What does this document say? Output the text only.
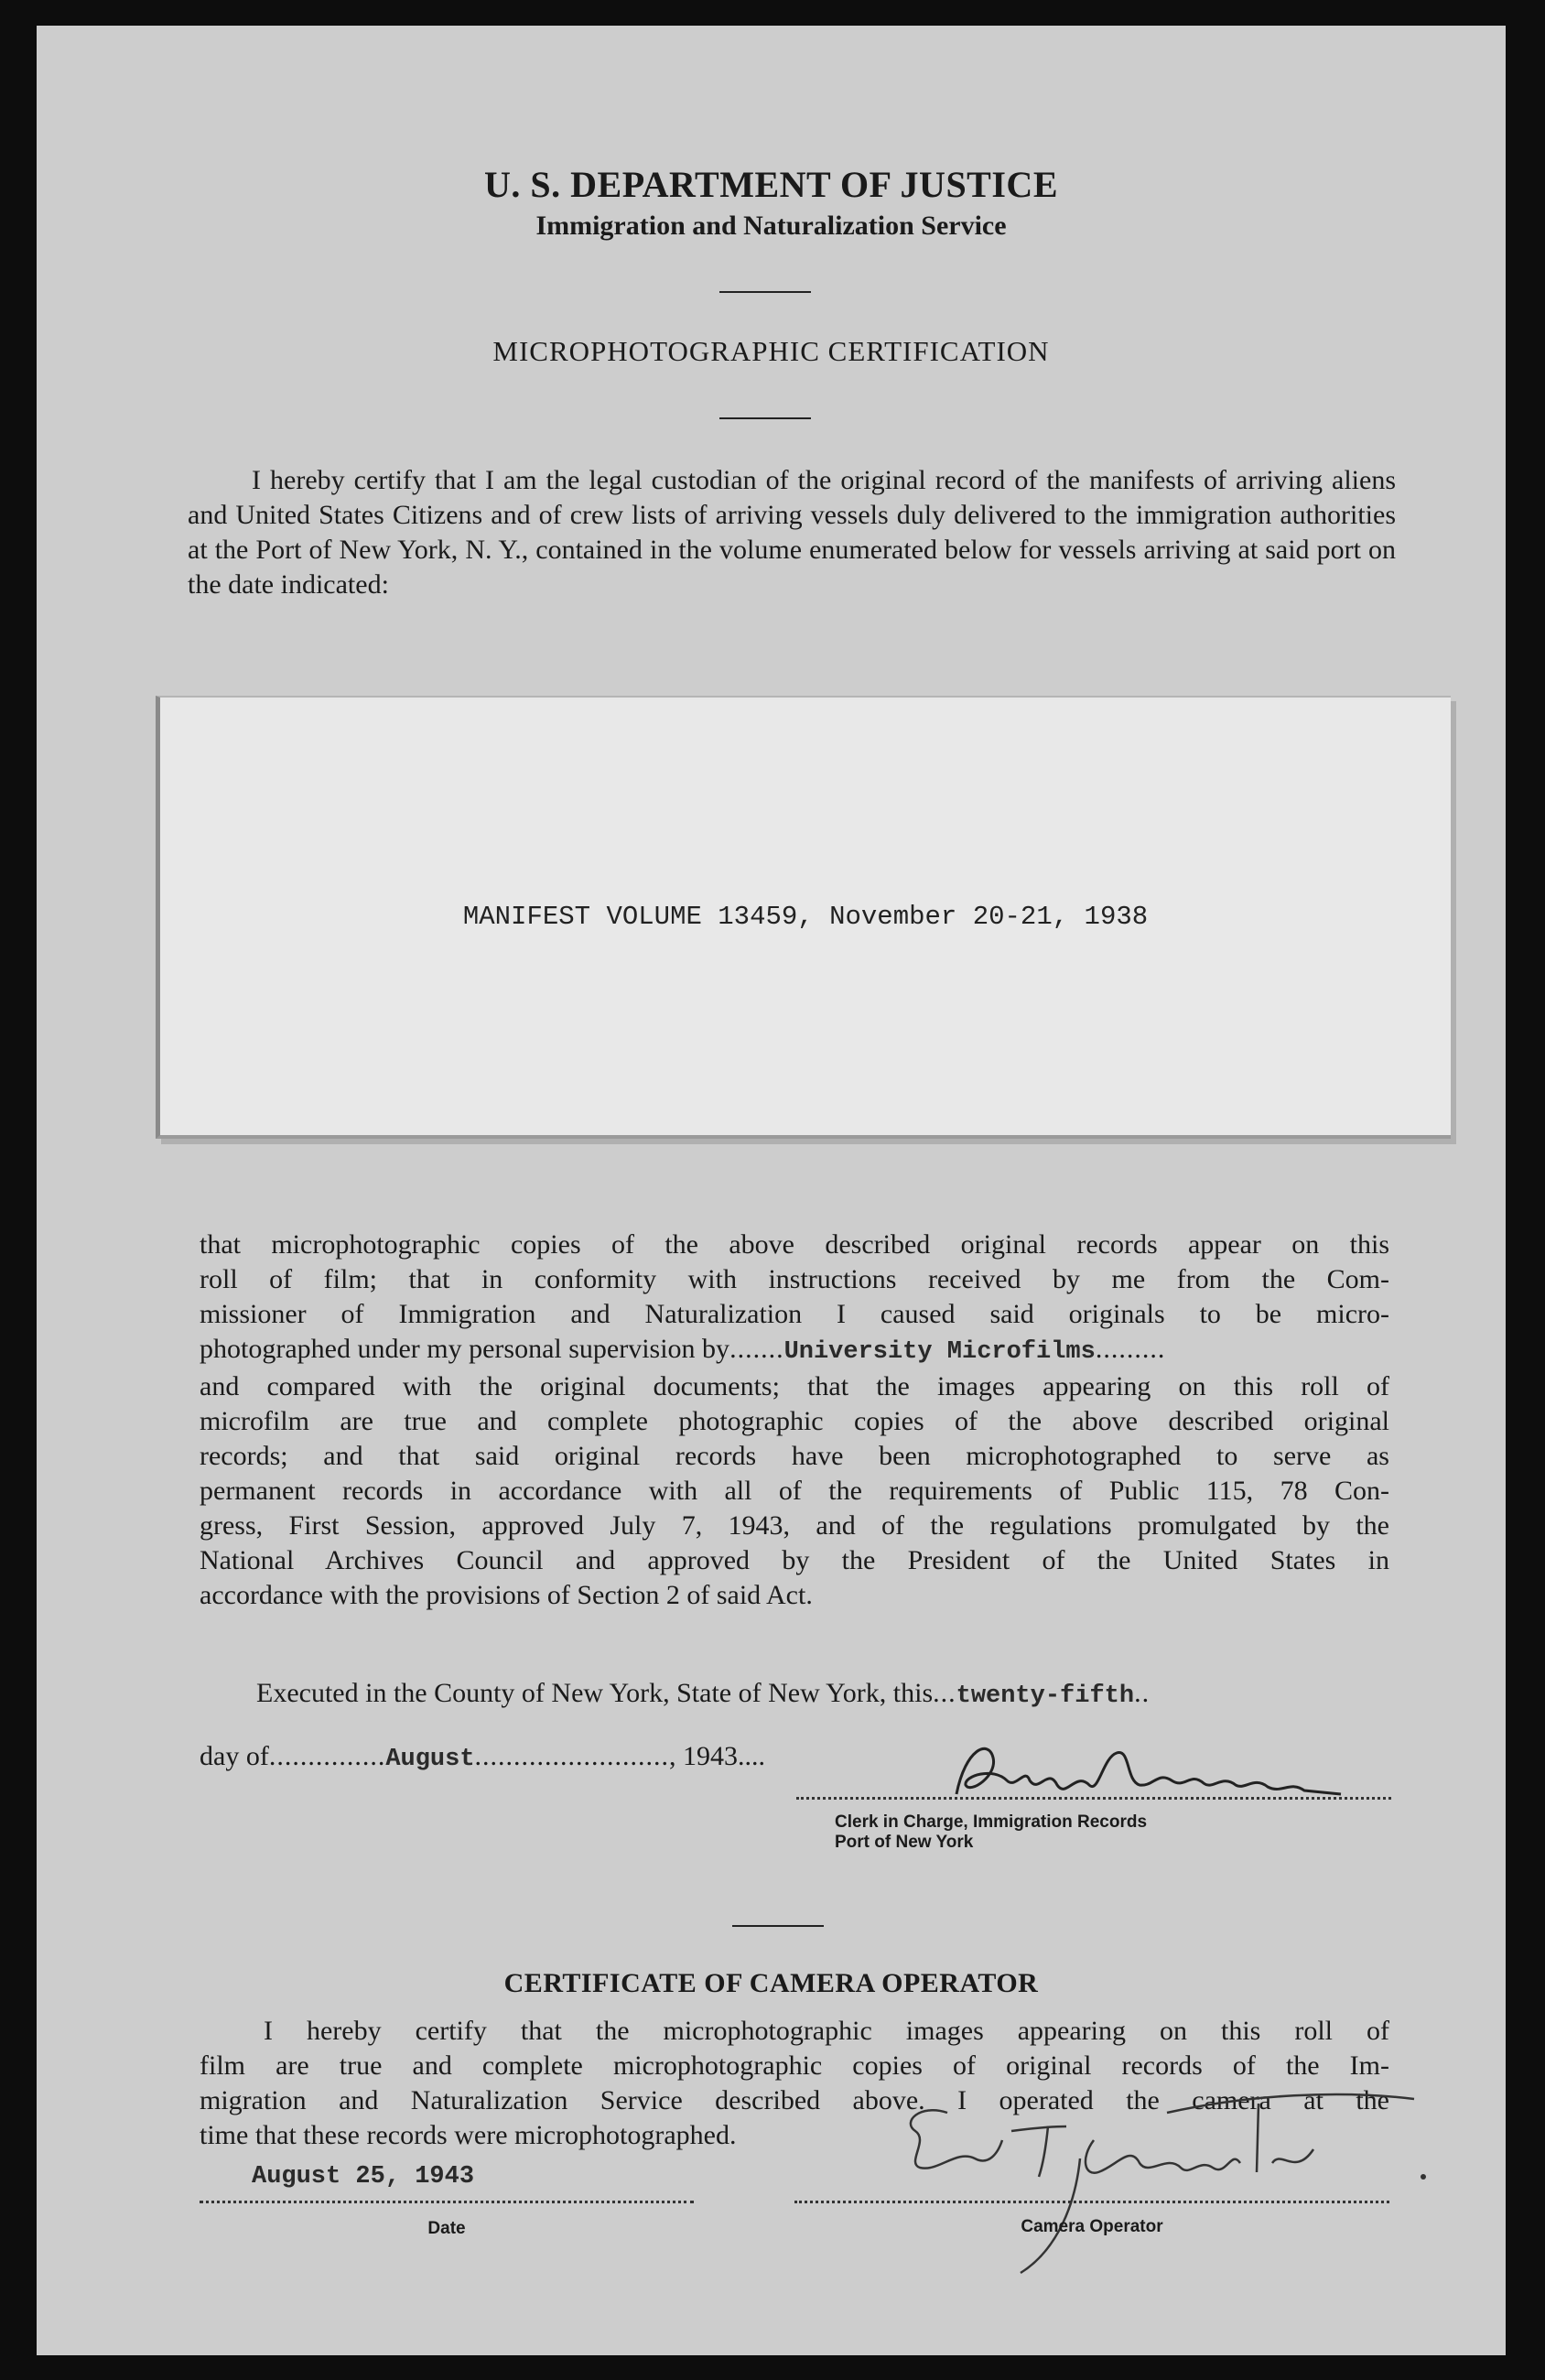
U. S. DEPARTMENT OF JUSTICE
Immigration and Naturalization Service
MICROPHOTOGRAPHIC CERTIFICATION
I hereby certify that I am the legal custodian of the original record of the manifests of arriving aliens and United States Citizens and of crew lists of arriving vessels duly delivered to the immigration authorities at the Port of New York, N. Y., contained in the volume enumerated below for vessels arriving at said port on the date indicated:
MANIFEST VOLUME 13459, November 20-21, 1938
that microphotographic copies of the above described original records appear on this
roll of film; that in conformity with instructions received by me from the Com-
missioner of Immigration and Naturalization I caused said originals to be micro-
photographed under my personal supervision by.......University Microfilms.........
and compared with the original documents; that the images appearing on this roll of
microfilm are true and complete photographic copies of the above described original
records; and that said original records have been microphotographed to serve as
permanent records in accordance with all of the requirements of Public 115, 78 Con-
gress, First Session, approved July 7, 1943, and of the regulations promulgated by the
National Archives Council and approved by the President of the United States in
accordance with the provisions of Section 2 of said Act.
Executed in the County of New York, State of New York, this...twenty-fifth..
day of...............August........................., 1943....
Clerk in Charge, Immigration Records
Port of New York
CERTIFICATE OF CAMERA OPERATOR
I hereby certify that the microphotographic images appearing on this roll of
film are true and complete microphotographic copies of original records of the Im-
migration and Naturalization Service described above. I operated the camera at the
time that these records were microphotographed.
August 25, 1943
Date	Camera Operator
